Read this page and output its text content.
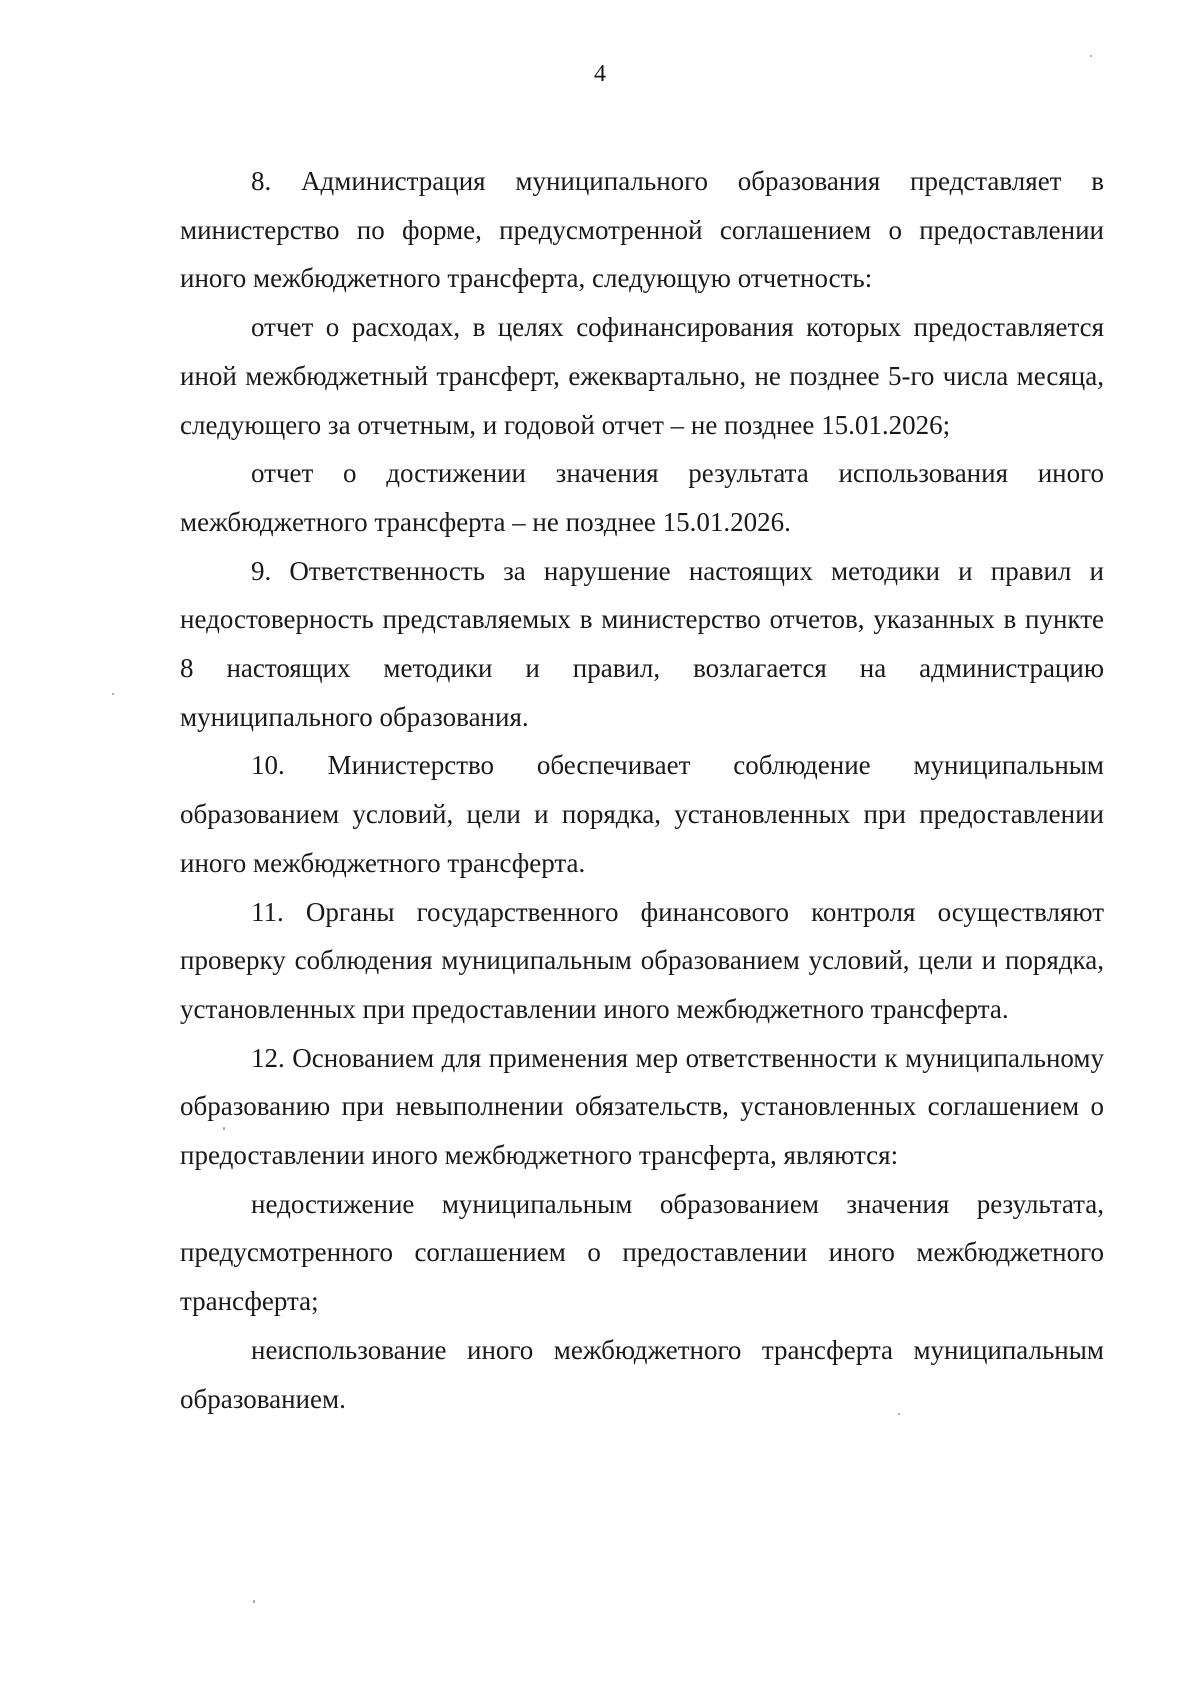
4

8. Администрация муниципального образования представляет в министерство по форме, предусмотренной соглашением о предоставлении иного межбюджетного трансферта, следующую отчетность:

отчет о расходах, в целях софинансирования которых предоставляется иной межбюджетный трансферт, ежеквартально, не позднее 5-го числа месяца, следующего за отчетным, и годовой отчет – не позднее 15.01.2026;

отчет о достижении значения результата использования иного межбюджетного трансферта – не позднее 15.01.2026.

9. Ответственность за нарушение настоящих методики и правил и недостоверность представляемых в министерство отчетов, указанных в пункте 8 настоящих методики и правил, возлагается на администрацию муниципального образования.

10. Министерство обеспечивает соблюдение муниципальным образованием условий, цели и порядка, установленных при предоставлении иного межбюджетного трансферта.

11. Органы государственного финансового контроля осуществляют проверку соблюдения муниципальным образованием условий, цели и порядка, установленных при предоставлении иного межбюджетного трансферта.

12. Основанием для применения мер ответственности к муниципальному образованию при невыполнении обязательств, установленных соглашением о предоставлении иного межбюджетного трансферта, являются:

недостижение муниципальным образованием значения результата, предусмотренного соглашением о предоставлении иного межбюджетного трансферта;

неиспользование иного межбюджетного трансферта муниципальным образованием.
